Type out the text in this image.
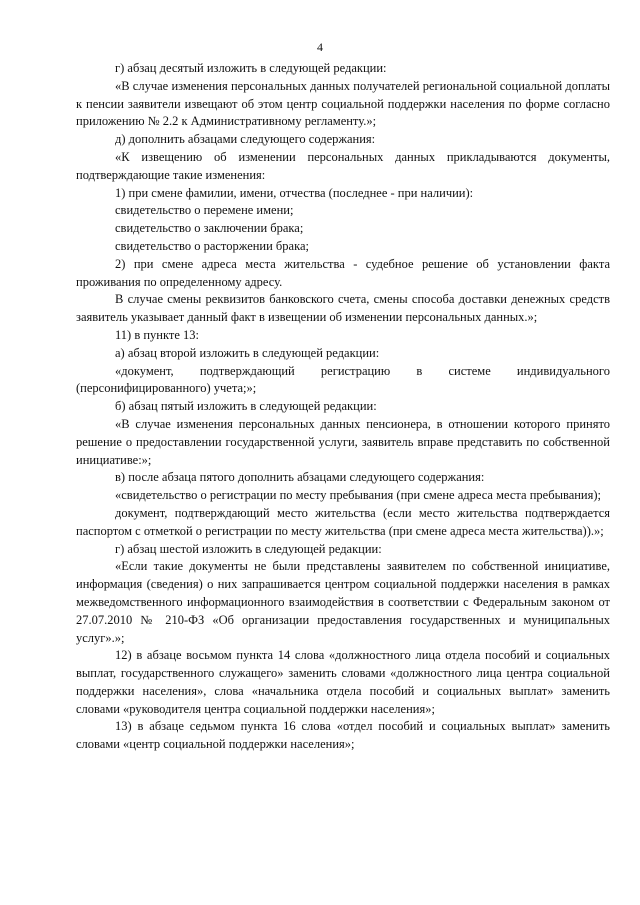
4

г) абзац десятый изложить в следующей редакции:

«В случае изменения персональных данных получателей региональной социальной доплаты к пенсии заявители извещают об этом центр социальной поддержки населения по форме согласно приложению № 2.2 к Административному регламенту.»;

д) дополнить абзацами следующего содержания:

«К извещению об изменении персональных данных прикладываются документы, подтверждающие такие изменения:

1) при смене фамилии, имени, отчества (последнее - при наличии):

свидетельство о перемене имени;

свидетельство о заключении брака;

свидетельство о расторжении брака;

2) при смене адреса места жительства - судебное решение об установлении факта проживания по определенному адресу.

В случае смены реквизитов банковского счета, смены способа доставки денежных средств заявитель указывает данный факт в извещении об изменении персональных данных.»;

11) в пункте 13:

а) абзац второй изложить в следующей редакции:

«документ, подтверждающий регистрацию в системе индивидуального (персонифицированного) учета;»;

б) абзац пятый изложить в следующей редакции:

«В случае изменения персональных данных пенсионера, в отношении которого принято решение о предоставлении государственной услуги, заявитель вправе представить по собственной инициативе:»;

в) после абзаца пятого дополнить абзацами следующего содержания:

«свидетельство о регистрации по месту пребывания (при смене адреса места пребывания);

документ, подтверждающий место жительства (если место жительства подтверждается паспортом с отметкой о регистрации по месту жительства (при смене адреса места жительства)).»;

г) абзац шестой изложить в следующей редакции:

«Если такие документы не были представлены заявителем по собственной инициативе, информация (сведения) о них запрашивается центром социальной поддержки населения в рамках межведомственного информационного взаимодействия в соответствии с Федеральным законом от 27.07.2010 № 210-ФЗ «Об организации предоставления государственных и муниципальных услуг».»;

12) в абзаце восьмом пункта 14 слова «должностного лица отдела пособий и социальных выплат, государственного служащего» заменить словами «должностного лица центра социальной поддержки населения», слова «начальника отдела пособий и социальных выплат» заменить словами «руководителя центра социальной поддержки населения»;

13) в абзаце седьмом пункта 16 слова «отдел пособий и социальных выплат» заменить словами «центр социальной поддержки населения»;
